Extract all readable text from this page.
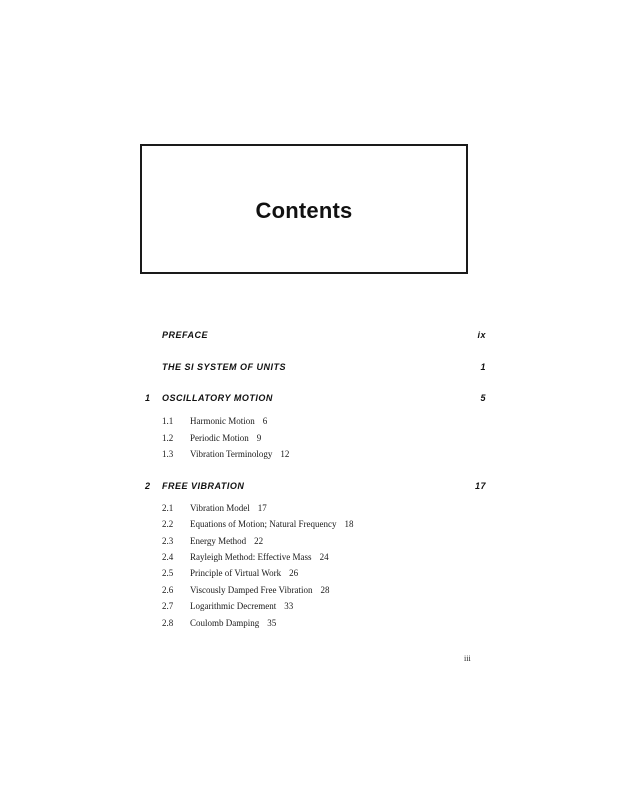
Contents
PREFACE	ix
THE SI SYSTEM OF UNITS	1
1 OSCILLATORY MOTION	5
1.1 Harmonic Motion 6
1.2 Periodic Motion 9
1.3 Vibration Terminology 12
2 FREE VIBRATION	17
2.1 Vibration Model 17
2.2 Equations of Motion; Natural Frequency 18
2.3 Energy Method 22
2.4 Rayleigh Method: Effective Mass 24
2.5 Principle of Virtual Work 26
2.6 Viscously Damped Free Vibration 28
2.7 Logarithmic Decrement 33
2.8 Coulomb Damping 35
iii
